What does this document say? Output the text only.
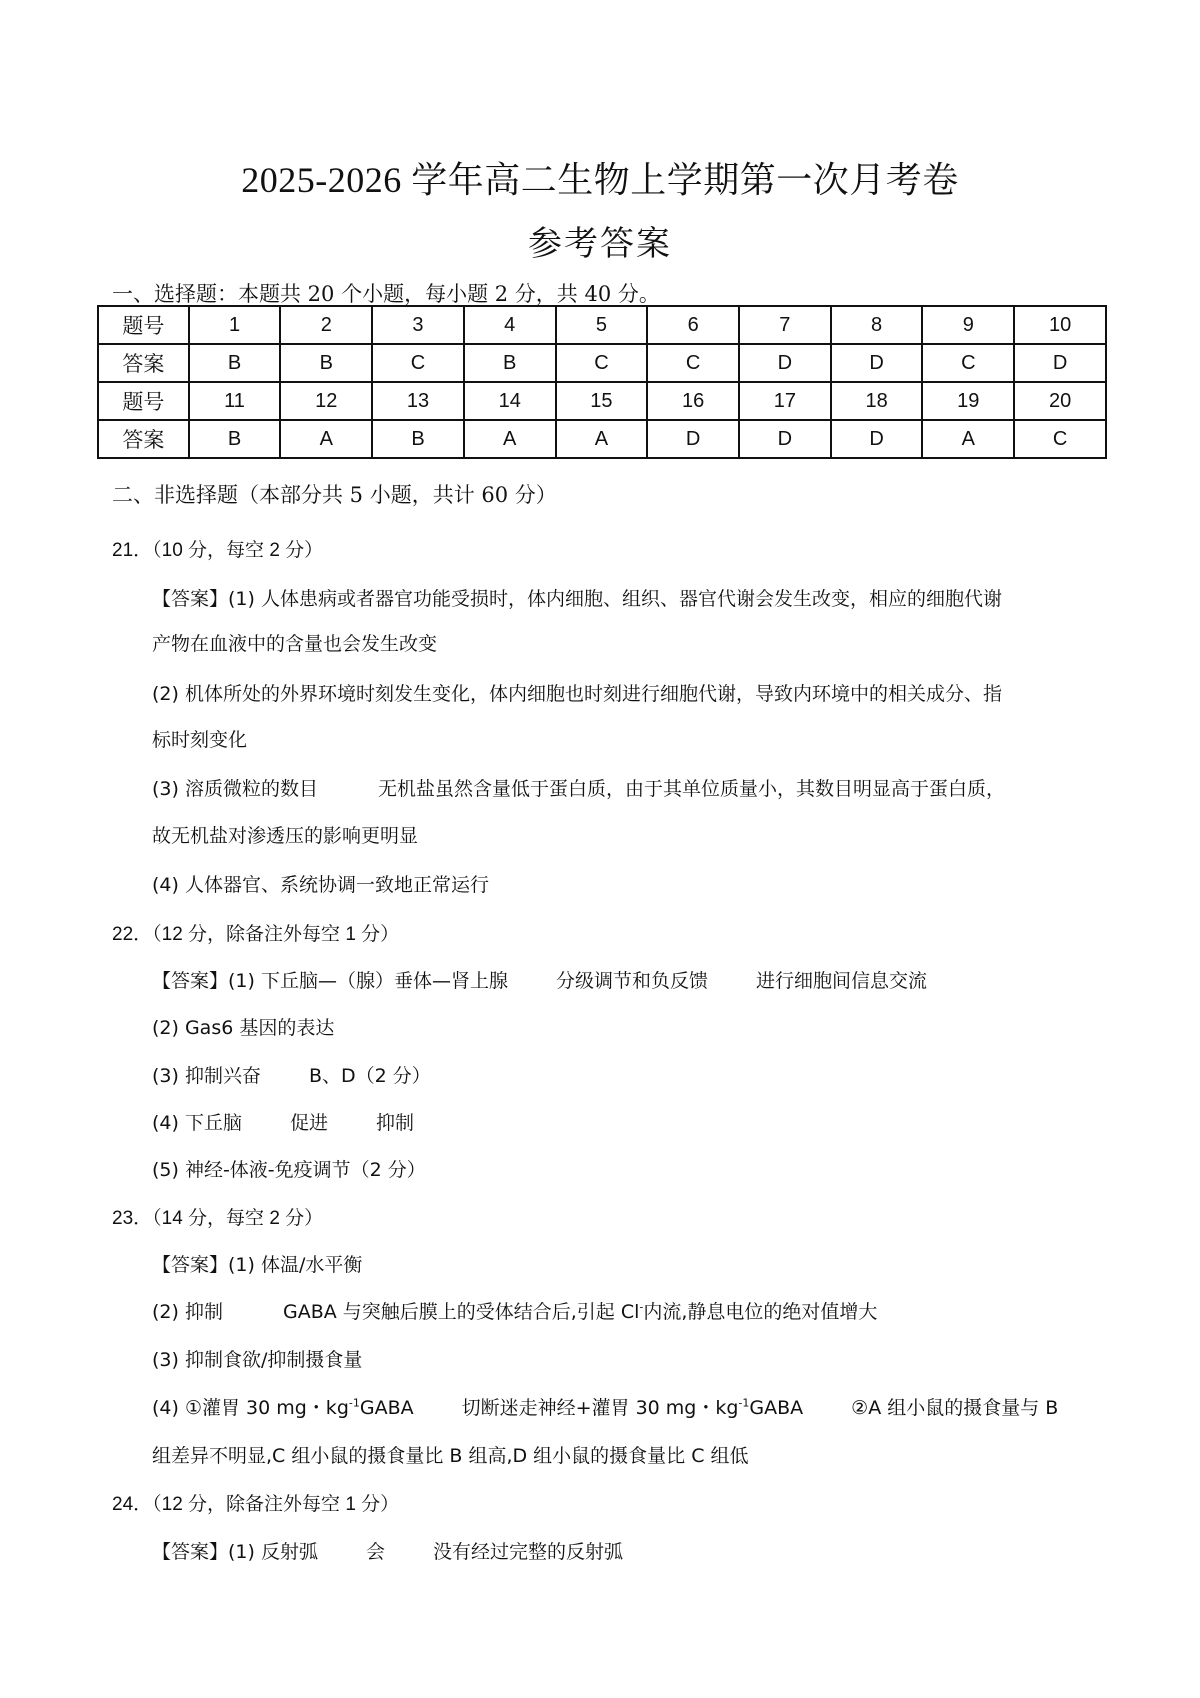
2025-2026 学年高二生物上学期第一次月考卷
参考答案
一、选择题：本题共 20 个小题，每小题 2 分，共 40 分。
题号	1	2	3	4	5	6	7	8	9	10
答案	B	B	C	B	C	C	D	D	C	D
题号	11	12	13	14	15	16	17	18	19	20
答案	B	A	B	A	A	D	D	D	A	C
二、非选择题（本部分共 5 小题，共计 60 分）
21．（10 分，每空 2 分）
【答案】(1) 人体患病或者器官功能受损时，体内细胞、组织、器官代谢会发生改变，相应的细胞代谢
产物在血液中的含量也会发生改变
(2) 机体所处的外界环境时刻发生变化，体内细胞也时刻进行细胞代谢，导致内环境中的相关成分、指
标时刻变化
(3) 溶质微粒的数目	无机盐虽然含量低于蛋白质，由于其单位质量小，其数目明显高于蛋白质，
故无机盐对渗透压的影响更明显
(4) 人体器官、系统协调一致地正常运行
22．（12 分，除备注外每空 1 分）
【答案】(1) 下丘脑—（腺）垂体—肾上腺	分级调节和负反馈	进行细胞间信息交流
(2) Gas6 基因的表达
(3) 抑制兴奋	B、D（2 分）
(4) 下丘脑	促进	抑制
(5) 神经-体液-免疫调节（2 分）
23．（14 分，每空 2 分）
【答案】(1) 体温/水平衡
(2) 抑制	GABA 与突触后膜上的受体结合后,引起 Cl-内流,静息电位的绝对值增大
(3) 抑制食欲/抑制摄食量
(4) ①灌胃 30 mg・$kg^{-1}GABA$	切断迷走神经+灌胃 30 mg・$kg^{-1}GABA$	②A 组小鼠的摄食量与 B
组差异不明显,C 组小鼠的摄食量比 B 组高,D 组小鼠的摄食量比 C 组低
24．（12 分，除备注外每空 1 分）
【答案】(1) 反射弧	会	没有经过完整的反射弧
